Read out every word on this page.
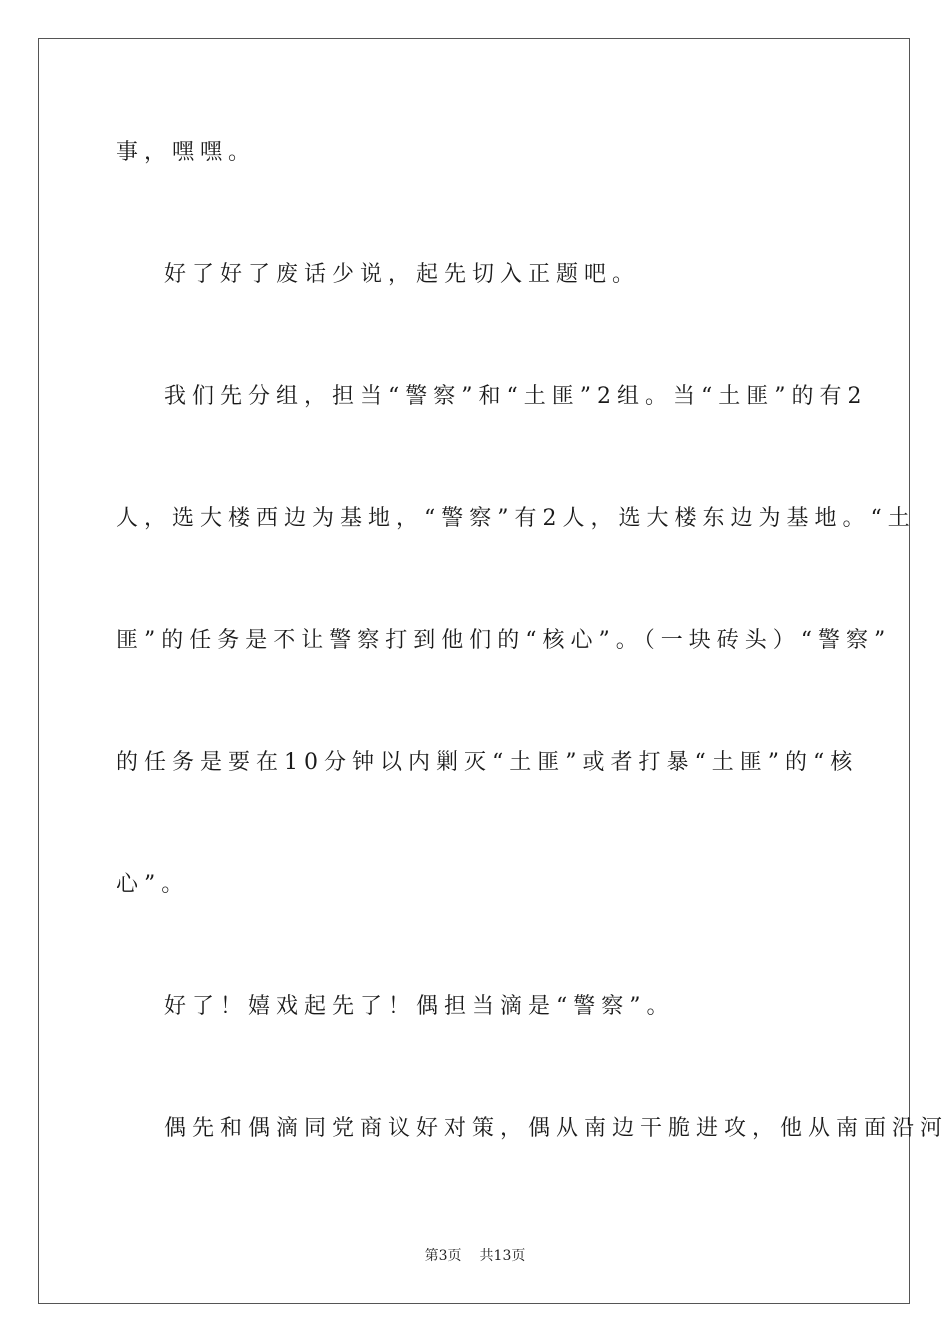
事，嘿嘿。
好了好了废话少说，起先切入正题吧。
我们先分组，担当“警察”和“土匪”2组。当“土匪”的有2
人，选大楼西边为基地，“警察”有2人，选大楼东边为基地。“土
匪”的任务是不让警察打到他们的“核心”。（一块砖头）“警察”
的任务是要在10分钟以内剿灭“土匪”或者打暴“土匪”的“核
心”。
好了！嬉戏起先了！偶担当滴是“警察”。
偶先和偶滴同党商议好对策，偶从南边干脆进攻，他从南面沿河
第3页 共13页
